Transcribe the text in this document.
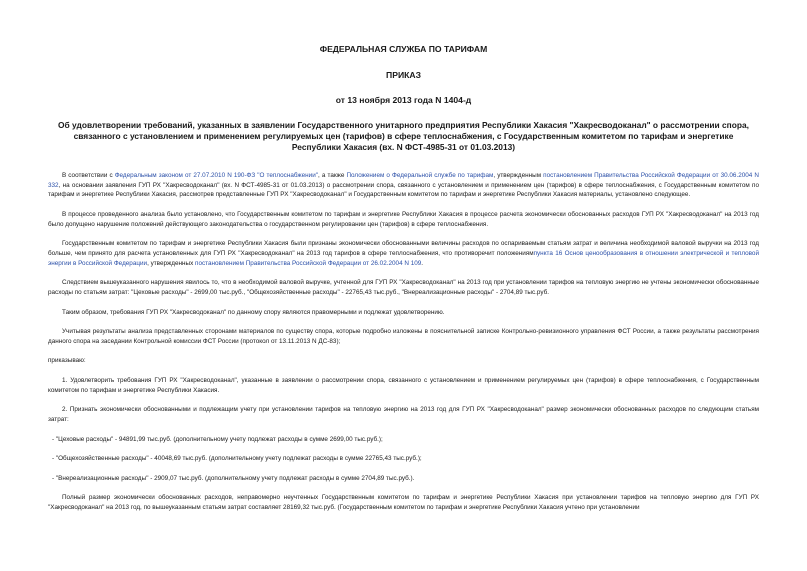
ФЕДЕРАЛЬНАЯ СЛУЖБА ПО ТАРИФАМ
ПРИКАЗ
от 13 ноября 2013 года N 1404-д
Об удовлетворении требований, указанных в заявлении Государственного унитарного предприятия Республики Хакасия "Хакресводоканал" о рассмотрении спора, связанного с установлением и применением регулируемых цен (тарифов) в сфере теплоснабжения, с Государственным комитетом по тарифам и энергетике Республики Хакасия (вх. N ФСТ-4985-31 от 01.03.2013)

В соответствии с Федеральным законом от 27.07.2010 N 190-ФЗ "О теплоснабжении", а также Положением о Федеральной службе по тарифам, утвержденным постановлением Правительства Российской Федерации от 30.06.2004 N 332, на основании заявления ГУП РХ "Хакресводоканал" (вх. N ФСТ-4985-31 от 01.03.2013) о рассмотрении спора, связанного с установлением и применением цен (тарифов) в сфере теплоснабжения, с Государственным комитетом по тарифам и энергетике Республики Хакасия, рассмотрев представленные ГУП РХ "Хакресводоканал" и Государственным комитетом по тарифам и энергетике Республики Хакасия материалы, установлено следующее.

В процессе проведенного анализа было установлено, что Государственным комитетом по тарифам и энергетике Республики Хакасия в процессе расчета экономически обоснованных расходов ГУП РХ "Хакресводоканал" на 2013 год было допущено нарушение положений действующего законодательства о государственном регулировании цен (тарифов) в сфере теплоснабжения.

Государственным комитетом по тарифам и энергетике Республики Хакасия были признаны экономически обоснованными величины расходов по оспариваемым статьям затрат и величина необходимой валовой выручки на 2013 год больше, чем принято для расчета установленных для ГУП РХ "Хакресводоканал" на 2013 год тарифов в сфере теплоснабжения, что противоречит положениямпункта 16 Основ ценообразования в отношении электрической и тепловой энергии в Российской Федерации, утвержденных постановлением Правительства Российской Федерации от 26.02.2004 N 109.

Следствием вышеуказанного нарушения явилось то, что в необходимой валовой выручке, учтенной для ГУП РХ "Хакресводоканал" на 2013 год при установлении тарифов на тепловую энергию не учтены экономически обоснованные расходы по статьям затрат: "Цеховые расходы" - 2699,00 тыс.руб., "Общехозяйственные расходы" - 22765,43 тыс.руб., "Внереализационные расходы" - 2704,89 тыс.руб.

Таким образом, требования ГУП РХ "Хакресводоканал" по данному спору являются правомерными и подлежат удовлетворению.

Учитывая результаты анализа представленных сторонами материалов по существу спора, которые подробно изложены в пояснительной записке Контрольно-ревизионного управления ФСТ России, а также результаты рассмотрения данного спора на заседании Контрольной комиссии ФСТ России (протокол от 13.11.2013 N ДС-83);

приказываю:

1. Удовлетворить требования ГУП РХ "Хакресводоканал", указанные в заявлении о рассмотрении спора, связанного с установлением и применением регулируемых цен (тарифов) в сфере теплоснабжения, с Государственным комитетом по тарифам и энергетике Республики Хакасия.

2. Признать экономически обоснованными и подлежащим учету при установлении тарифов на тепловую энергию на 2013 год для ГУП РХ "Хакресводоканал" размер экономически обоснованных расходов по следующим статьям затрат:

- "Цеховые расходы" - 94891,99 тыс.руб. (дополнительному учету подлежат расходы в сумме 2699,00 тыс.руб.);

- "Общехозяйственные расходы" - 40048,69 тыс.руб. (дополнительному учету подлежат расходы в сумме 22765,43 тыс.руб.);

- "Внереализационные расходы" - 2909,07 тыс.руб. (дополнительному учету подлежат расходы в сумме 2704,89 тыс.руб.).

Полный размер экономически обоснованных расходов, неправомерно неучтенных Государственным комитетом по тарифам и энергетике Республики Хакасия при установлении тарифов на тепловую энергию для ГУП РХ "Хакресводоканал" на 2013 год, по вышеуказанным статьям затрат составляет 28169,32 тыс.руб. (Государственным комитетом по тарифам и энергетике Республики Хакасия учтено при установлении
